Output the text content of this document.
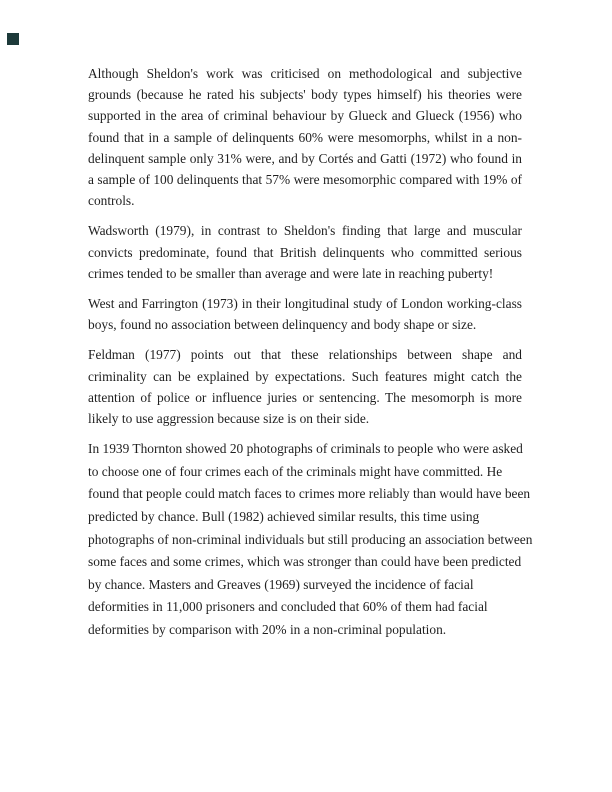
Although Sheldon's work was criticised on methodological and subjective grounds (because he rated his subjects' body types himself) his theories were supported in the area of criminal behaviour by Glueck and Glueck (1956) who found that in a sample of delinquents 60% were mesomorphs, whilst in a non-delinquent sample only 31% were, and by Cortés and Gatti (1972) who found in a sample of 100 delinquents that 57% were mesomorphic compared with 19% of controls.

Wadsworth (1979), in contrast to Sheldon's finding that large and muscular convicts predominate, found that British delinquents who committed serious crimes tended to be smaller than average and were late in reaching puberty!

West and Farrington (1973) in their longitudinal study of London working-class boys, found no association between delinquency and body shape or size.

Feldman (1977) points out that these relationships between shape and criminality can be explained by expectations. Such features might catch the attention of police or influence juries or sentencing. The mesomorph is more likely to use aggression because size is on their side.

In 1939 Thornton showed 20 photographs of criminals to people who were asked to choose one of four crimes each of the criminals might have committed. He found that people could match faces to crimes more reliably than would have been predicted by chance. Bull (1982) achieved similar results, this time using photographs of non-criminal individuals but still producing an association between some faces and some crimes, which was stronger than could have been predicted by chance. Masters and Greaves (1969) surveyed the incidence of facial deformities in 11,000 prisoners and concluded that 60% of them had facial deformities by comparison with 20% in a non-criminal population.
